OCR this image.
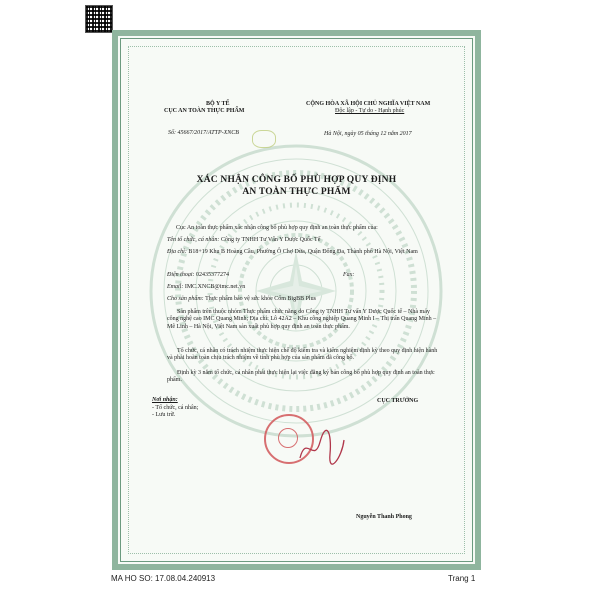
BỘ Y TẾ
CỤC AN TOÀN THỰC PHẨM
Số: 45667/2017/ATTP-XNCB
CỘNG HÒA XÃ HỘI CHỦ NGHĨA VIỆT NAM
Độc lập - Tự do - Hạnh phúc
Hà Nội, ngày 05 tháng 12 năm 2017
XÁC NHẬN CÔNG BỐ PHÙ HỢP QUY ĐỊNH
AN TOÀN THỰC PHẨM
Cục An toàn thực phẩm xác nhận công bố phù hợp quy định an toàn thực phẩm của:
Tên tổ chức, cá nhân: Công ty TNHH Tư Vấn Y Dược Quốc Tế
Địa chỉ: B18+19 Khu B Hoàng Cầu, Phường Ô Chợ Dừa, Quận Đống Đa, Thành phố Hà Nội, Việt Nam
Điện thoại: 02435377274	Fax:
Email: IMC.XNCB@imc.net.vn
Cho sản phẩm: Thực phẩm bảo vệ sức khỏe Cốm BigBB Plus
Sản phẩm trên thuộc nhóm Thực phẩm chức năng do Công ty TNHH Tư vấn Y Dược Quốc tế – Nhà máy công nghệ cao IMC Quang Minh; Địa chỉ: Lô 42A2 – Khu công nghiệp Quang Minh I – Thị trấn Quang Minh – Mê Linh – Hà Nội, Việt Nam sản xuất phù hợp quy định an toàn thực phẩm.
Tổ chức, cá nhân có trách nhiệm thực hiện chế độ kiểm tra và kiểm nghiệm định kỳ theo quy định hiện hành và phải hoàn toàn chịu trách nhiệm về tính phù hợp của sản phẩm đã công bố.
Định kỳ 3 năm tổ chức, cá nhân phải thực hiện lại việc đăng ký bản công bố phù hợp quy định an toàn thực phẩm.
Nơi nhận:
- Tổ chức, cá nhân;
- Lưu trữ.
CỤC TRƯỞNG
Nguyễn Thanh Phong
MA HO SO: 17.08.04.240913	Trang 1
